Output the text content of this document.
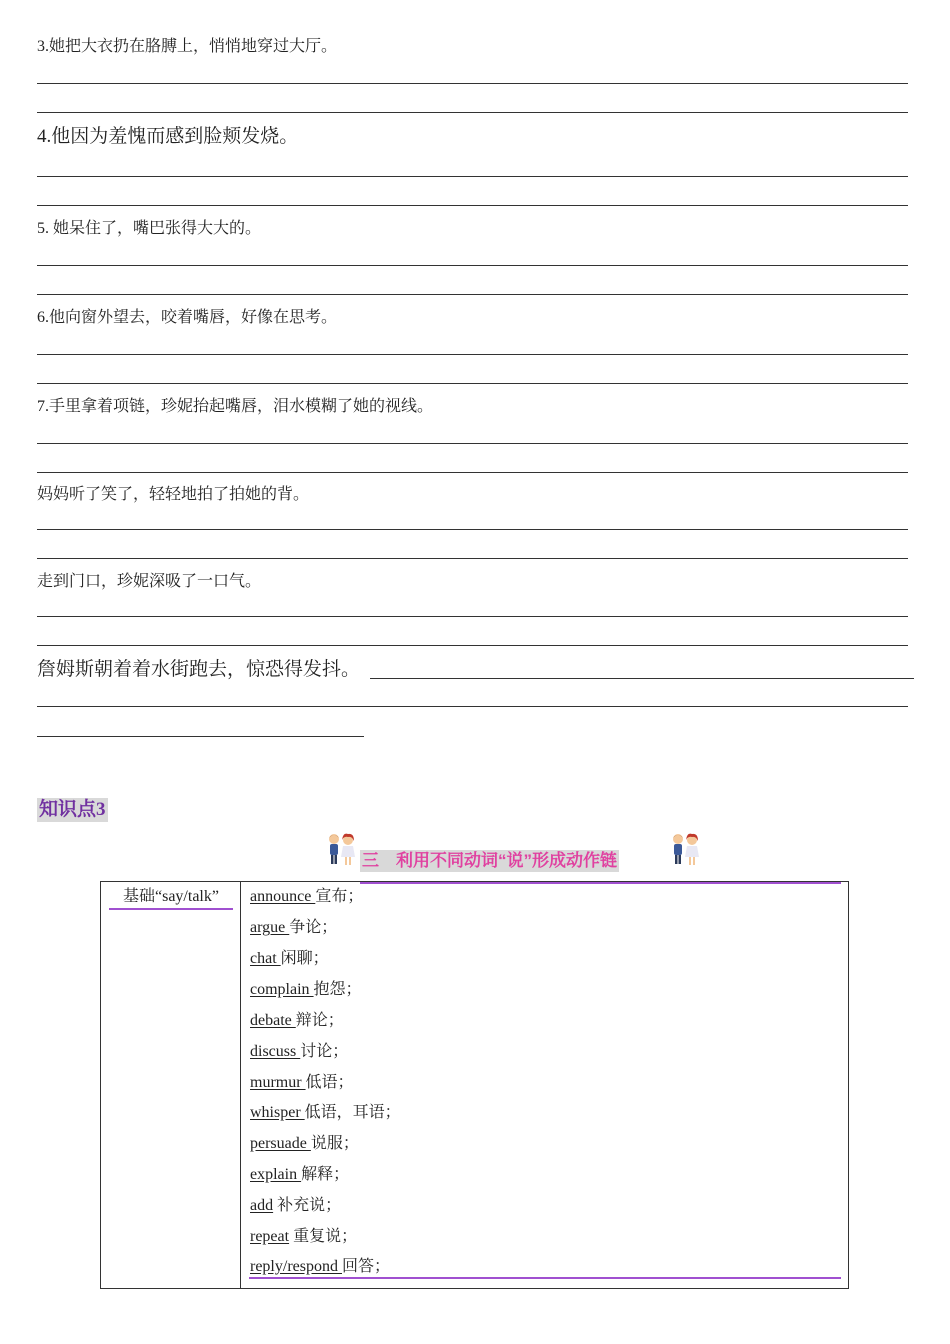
3.她把大衣扔在胳膊上，悄悄地穿过大厅。
4.他因为羞愧而感到脸颊发烧。
5. 她呆住了，嘴巴张得大大的。
6.他向窗外望去，咬着嘴唇，好像在思考。
7.手里拿着项链，珍妮抬起嘴唇，泪水模糊了她的视线。
妈妈听了笑了，轻轻地拍了拍她的背。
走到门口，珍妮深吸了一口气。
詹姆斯朝着着水街跑去，惊恐得发抖。
知识点3
三　利用不同动词“说”形成动作链
基础“say/talk”	announce 宣布；
argue 争论；
chat 闲聊；
complain 抱怨；
debate 辩论；
discuss 讨论；
murmur 低语；
whisper 低语，耳语；
persuade 说服；
explain 解释；
add 补充说；
repeat 重复说；
reply/respond 回答；
